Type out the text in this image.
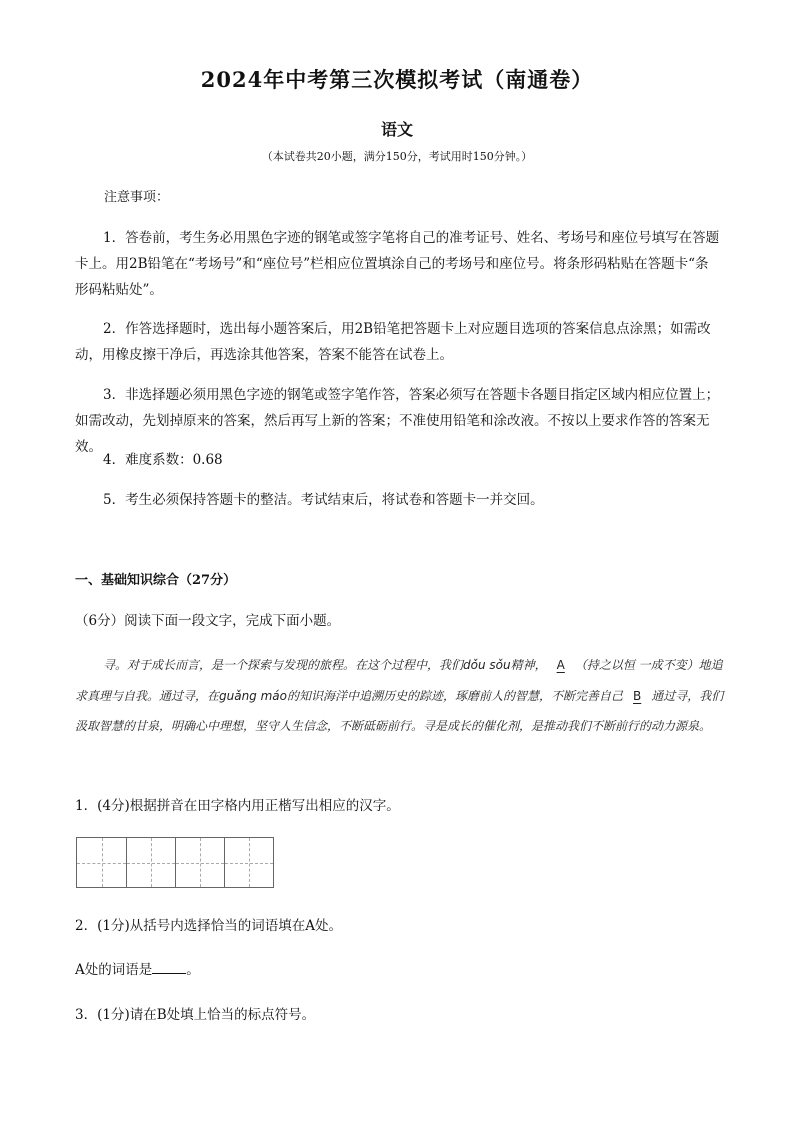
2024年中考第三次模拟考试（南通卷）
语文
（本试卷共20小题，满分150分，考试用时150分钟。）
注意事项：
1．答卷前，考生务必用黑色字迹的钢笔或签字笔将自己的准考证号、姓名、考场号和座位号填写在答题卡上。用2B铅笔在“考场号”和“座位号”栏相应位置填涂自己的考场号和座位号。将条形码粘贴在答题卡“条形码粘贴处”。
2．作答选择题时，选出每小题答案后，用2B铅笔把答题卡上对应题目选项的答案信息点涂黑；如需改动，用橡皮擦干净后，再选涂其他答案，答案不能答在试卷上。
3．非选择题必须用黑色字迹的钢笔或签字笔作答，答案必须写在答题卡各题目指定区域内相应位置上；如需改动，先划掉原来的答案，然后再写上新的答案；不准使用铅笔和涂改液。不按以上要求作答的答案无效。
4．难度系数：0.68
5．考生必须保持答题卡的整洁。考试结束后，将试卷和答题卡一并交回。
一、基础知识综合（27分）
（6分）阅读下面一段文字，完成下面小题。
寻。对于成长而言，是一个探索与发现的旅程。在这个过程中，我们dǒu sǒu精神， A （持之以恒 一成不变）地追求真理与自我。通过寻，在guǎng máo的知识海洋中追溯历史的踪迹，琢磨前人的智慧，不断完善自己 B 通过寻，我们汲取智慧的甘泉，明确心中理想，坚守人生信念，不断砥砺前行。寻是成长的催化剂，是推动我们不断前行的动力源泉。
1．(4分)根据拼音在田字格内用正楷写出相应的汉字。
2．(1分)从括号内选择恰当的词语填在A处。
A处的词语是	。
3．(1分)请在B处填上恰当的标点符号。
